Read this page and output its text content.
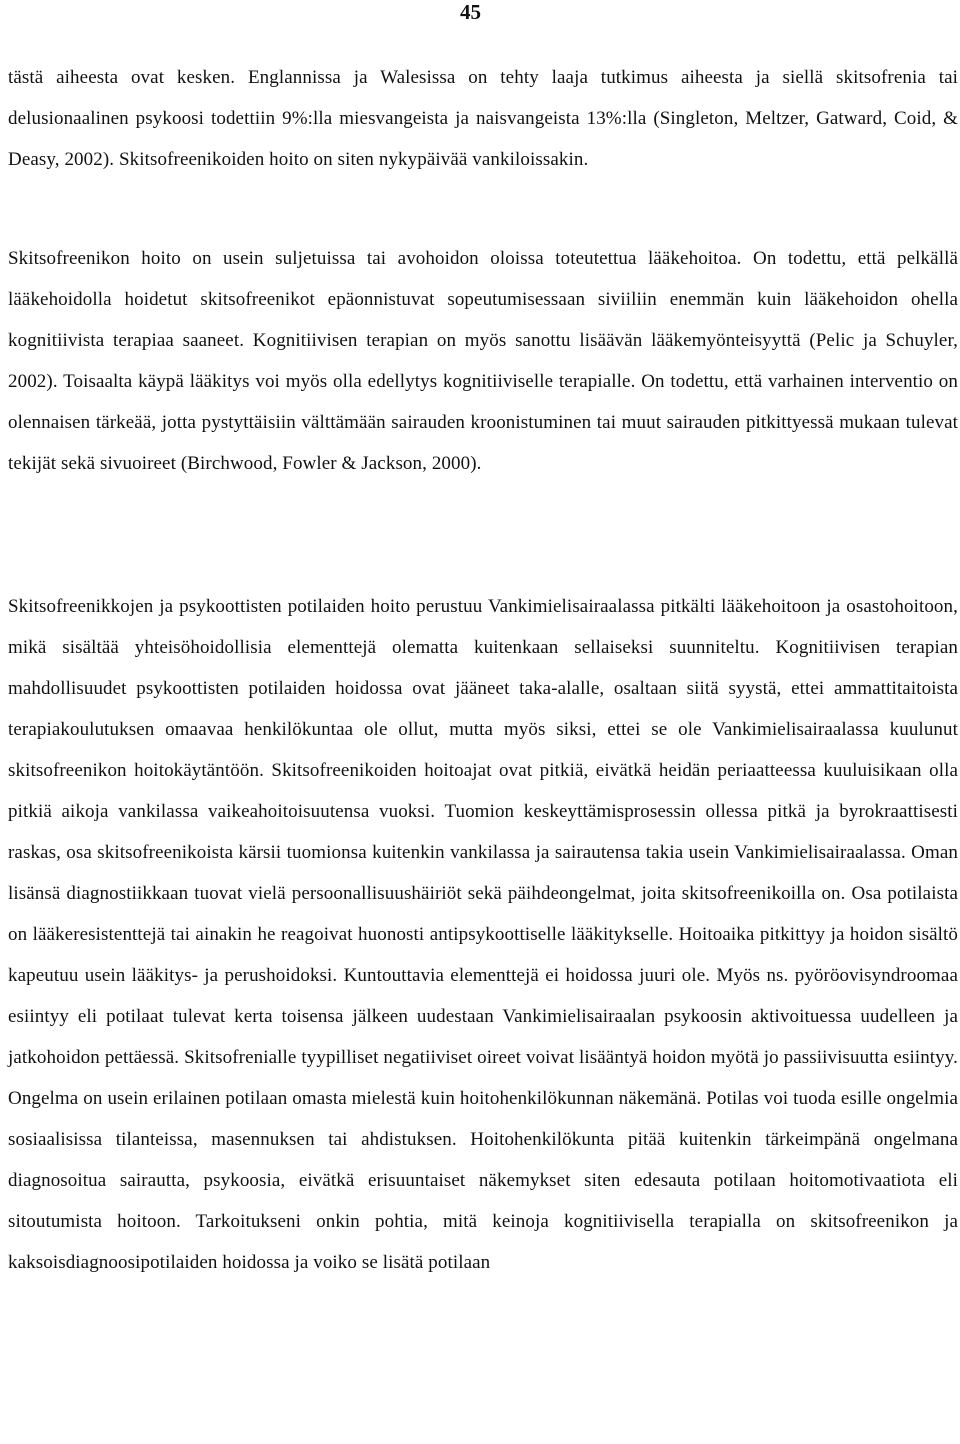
45

tästä aiheesta ovat kesken. Englannissa ja Walesissa on tehty laaja tutkimus aiheesta ja siellä skitsofrenia tai delusionaalinen psykoosi todettiin 9%:lla miesvangeista ja naisvangeista 13%:lla (Singleton, Meltzer, Gatward, Coid, & Deasy, 2002). Skitsofreenikoiden hoito on siten nykypäivää vankiloissakin.

Skitsofreenikon hoito on usein suljetuissa tai avohoidon oloissa toteutettua lääkehoitoa. On todettu, että pelkällä lääkehoidolla hoidetut skitsofreenikot epäonnistuvat sopeutumisessaan siviiliin enemmän kuin lääkehoidon ohella kognitiivista terapiaa saaneet. Kognitiivisen terapian on myös sanottu lisäävän lääkemyönteisyyttä (Pelic ja Schuyler, 2002). Toisaalta käypä lääkitys voi myös olla edellytys kognitiiviselle terapialle. On todettu, että varhainen interventio on olennaisen tärkeää, jotta pystyttäisiin välttämään sairauden kroonistuminen tai muut sairauden pitkittyessä mukaan tulevat tekijät sekä sivuoireet (Birchwood, Fowler & Jackson, 2000).

Skitsofreenikkojen ja psykoottisten potilaiden hoito perustuu Vankimielisairaalassa pitkälti lääkehoitoon ja osastohoitoon, mikä sisältää yhteisöhoidollisia elementtejä olematta kuitenkaan sellaiseksi suunniteltu. Kognitiivisen terapian mahdollisuudet psykoottisten potilaiden hoidossa ovat jääneet taka-alalle, osaltaan siitä syystä, ettei ammattitaitoista terapiakoulutuksen omaavaa henkilökuntaa ole ollut, mutta myös siksi, ettei se ole Vankimielisairaalassa kuulunut skitsofreenikon hoitokäytäntöön. Skitsofreenikoiden hoitoajat ovat pitkiä, eivätkä heidän periaatteessa kuuluisikaan olla pitkiä aikoja vankilassa vaikeahoitoisuutensa vuoksi. Tuomion keskeyttämisprosessin ollessa pitkä ja byrokraattisesti raskas, osa skitsofreenikoista kärsii tuomionsa kuitenkin vankilassa ja sairautensa takia usein Vankimielisairaalassa. Oman lisänsä diagnostiikkaan tuovat vielä persoonallisuushäiriöt sekä päihdeongelmat, joita skitsofreenikoilla on. Osa potilaista on lääkeresistenttejä tai ainakin he reagoivat huonosti antipsykoottiselle lääkitykselle. Hoitoaika pitkittyy ja hoidon sisältö kapeutuu usein lääkitys- ja perushoidoksi. Kuntouttavia elementtejä ei hoidossa juuri ole. Myös ns. pyöröovisyndroomaa esiintyy eli potilaat tulevat kerta toisensa jälkeen uudestaan Vankimielisairaalan psykoosin aktivoituessa uudelleen ja jatkohoidon pettäessä. Skitsofrenialle tyypilliset negatiiviset oireet voivat lisääntyä hoidon myötä jo passiivisuutta esiintyy. Ongelma on usein erilainen potilaan omasta mielestä kuin hoitohenkilökunnan näkemänä. Potilas voi tuoda esille ongelmia sosiaalisissa tilanteissa, masennuksen tai ahdistuksen. Hoitohenkilökunta pitää kuitenkin tärkeimpänä ongelmana diagnosoitua sairautta, psykoosia, eivätkä erisuuntaiset näkemykset siten edesauta potilaan hoitomotivaatiota eli sitoutumista hoitoon. Tarkoitukseni onkin pohtia, mitä keinoja kognitiivisella terapialla on skitsofreenikon ja kaksoisdiagnoosipotilaiden hoidossa ja voiko se lisätä potilaan
